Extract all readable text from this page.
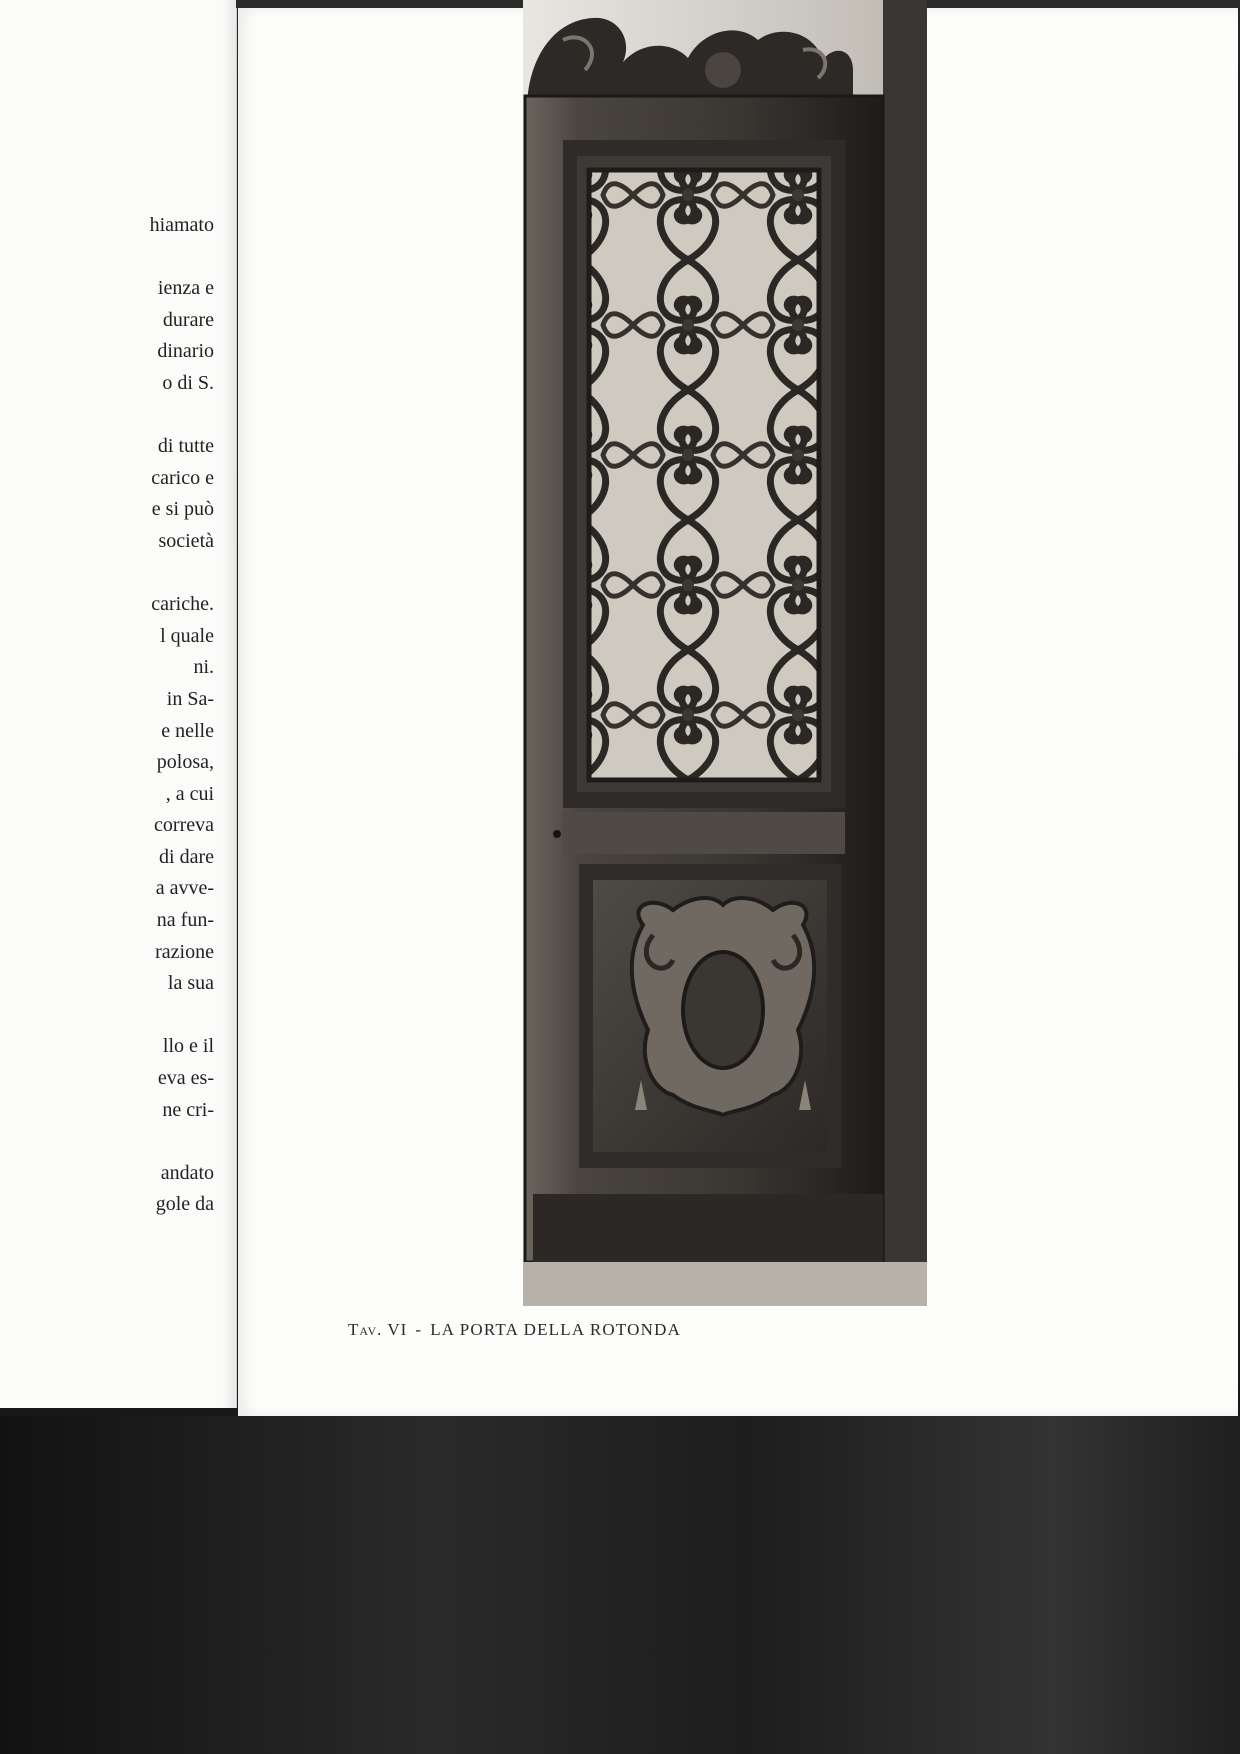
hiamato
ienza e
durare
dinario
o di S.
di tutte
carico e
e si può
società
cariche.
l quale
ni.
in Sa-
e nelle
polosa,
, a cui
correva
di dare
a avve-
na fun-
razione
la sua
llo e il
eva es-
ne cri-
andato
gole da

Tav. VI - LA PORTA DELLA ROTONDA
